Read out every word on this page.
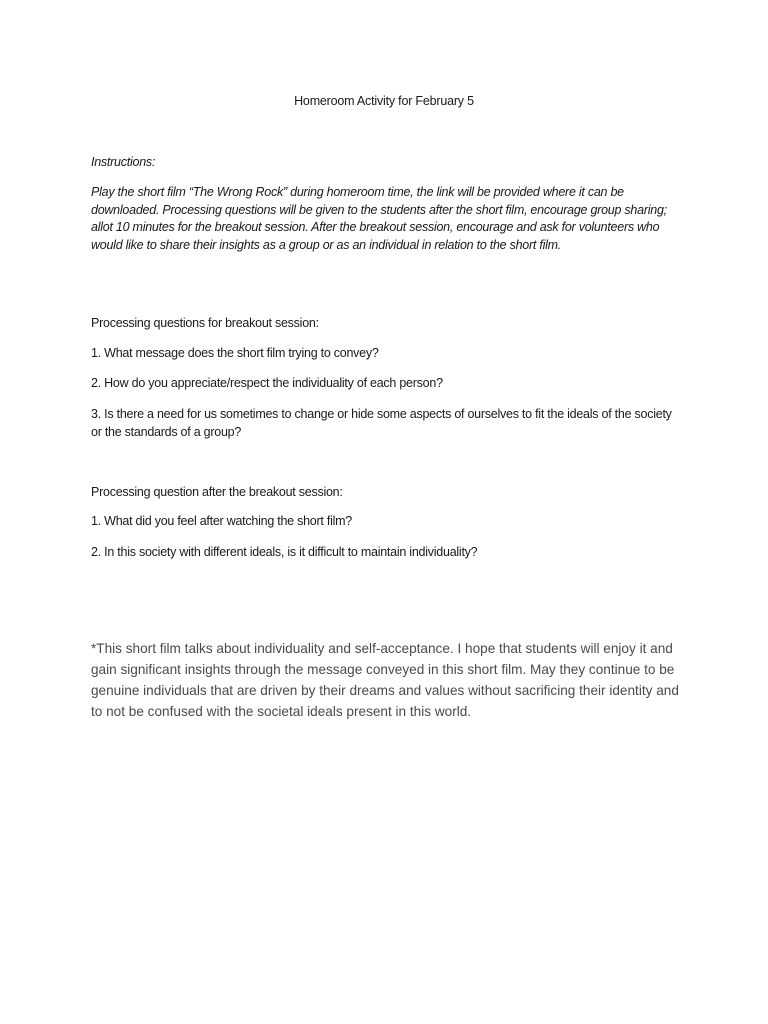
Homeroom Activity for February 5
Instructions:
Play the short film “The Wrong Rock” during homeroom time, the link will be provided where it can be downloaded. Processing questions will be given to the students after the short film, encourage group sharing; allot 10 minutes for the breakout session. After the breakout session, encourage and ask for volunteers who would like to share their insights as a group or as an individual in relation to the short film.
Processing questions for breakout session:
1. What message does the short film trying to convey?
2. How do you appreciate/respect the individuality of each person?
3. Is there a need for us sometimes to change or hide some aspects of ourselves to fit the ideals of the society or the standards of a group?
Processing question after the breakout session:
1. What did you feel after watching the short film?
2. In this society with different ideals, is it difficult to maintain individuality?
*This short film talks about individuality and self-acceptance. I hope that students will enjoy it and gain significant insights through the message conveyed in this short film. May they continue to be genuine individuals that are driven by their dreams and values without sacrificing their identity and to not be confused with the societal ideals present in this world.
